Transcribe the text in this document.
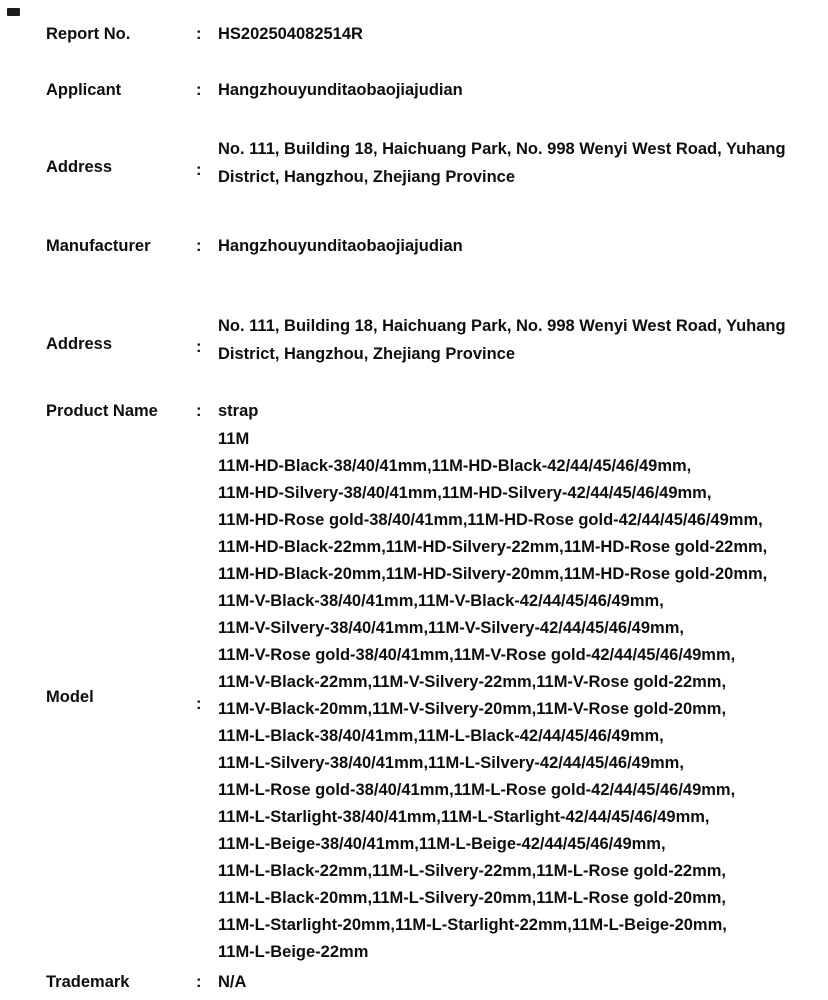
Report No.	: HS202504082514R
Applicant	: Hangzhouyunditaobaojiajudian
Address	:
No. 111, Building 18, Haichuang Park, No. 998 Wenyi West Road, Yuhang District, Hangzhou, Zhejiang Province
Manufacturer	: Hangzhouyunditaobaojiajudian
Address	:
No. 111, Building 18, Haichuang Park, No. 998 Wenyi West Road, Yuhang District, Hangzhou, Zhejiang Province
Product Name : strap
Model	:
11M
11M-HD-Black-38/40/41mm,11M-HD-Black-42/44/45/46/49mm,
11M-HD-Silvery-38/40/41mm,11M-HD-Silvery-42/44/45/46/49mm,
11M-HD-Rose gold-38/40/41mm,11M-HD-Rose gold-42/44/45/46/49mm,
11M-HD-Black-22mm,11M-HD-Silvery-22mm,11M-HD-Rose gold-22mm,
11M-HD-Black-20mm,11M-HD-Silvery-20mm,11M-HD-Rose gold-20mm,
11M-V-Black-38/40/41mm,11M-V-Black-42/44/45/46/49mm,
11M-V-Silvery-38/40/41mm,11M-V-Silvery-42/44/45/46/49mm,
11M-V-Rose gold-38/40/41mm,11M-V-Rose gold-42/44/45/46/49mm,
11M-V-Black-22mm,11M-V-Silvery-22mm,11M-V-Rose gold-22mm,
11M-V-Black-20mm,11M-V-Silvery-20mm,11M-V-Rose gold-20mm,
11M-L-Black-38/40/41mm,11M-L-Black-42/44/45/46/49mm,
11M-L-Silvery-38/40/41mm,11M-L-Silvery-42/44/45/46/49mm,
11M-L-Rose gold-38/40/41mm,11M-L-Rose gold-42/44/45/46/49mm,
11M-L-Starlight-38/40/41mm,11M-L-Starlight-42/44/45/46/49mm,
11M-L-Beige-38/40/41mm,11M-L-Beige-42/44/45/46/49mm,
11M-L-Black-22mm,11M-L-Silvery-22mm,11M-L-Rose gold-22mm,
11M-L-Black-20mm,11M-L-Silvery-20mm,11M-L-Rose gold-20mm,
11M-L-Starlight-20mm,11M-L-Starlight-22mm,11M-L-Beige-20mm,
11M-L-Beige-22mm
Trademark	: N/A
